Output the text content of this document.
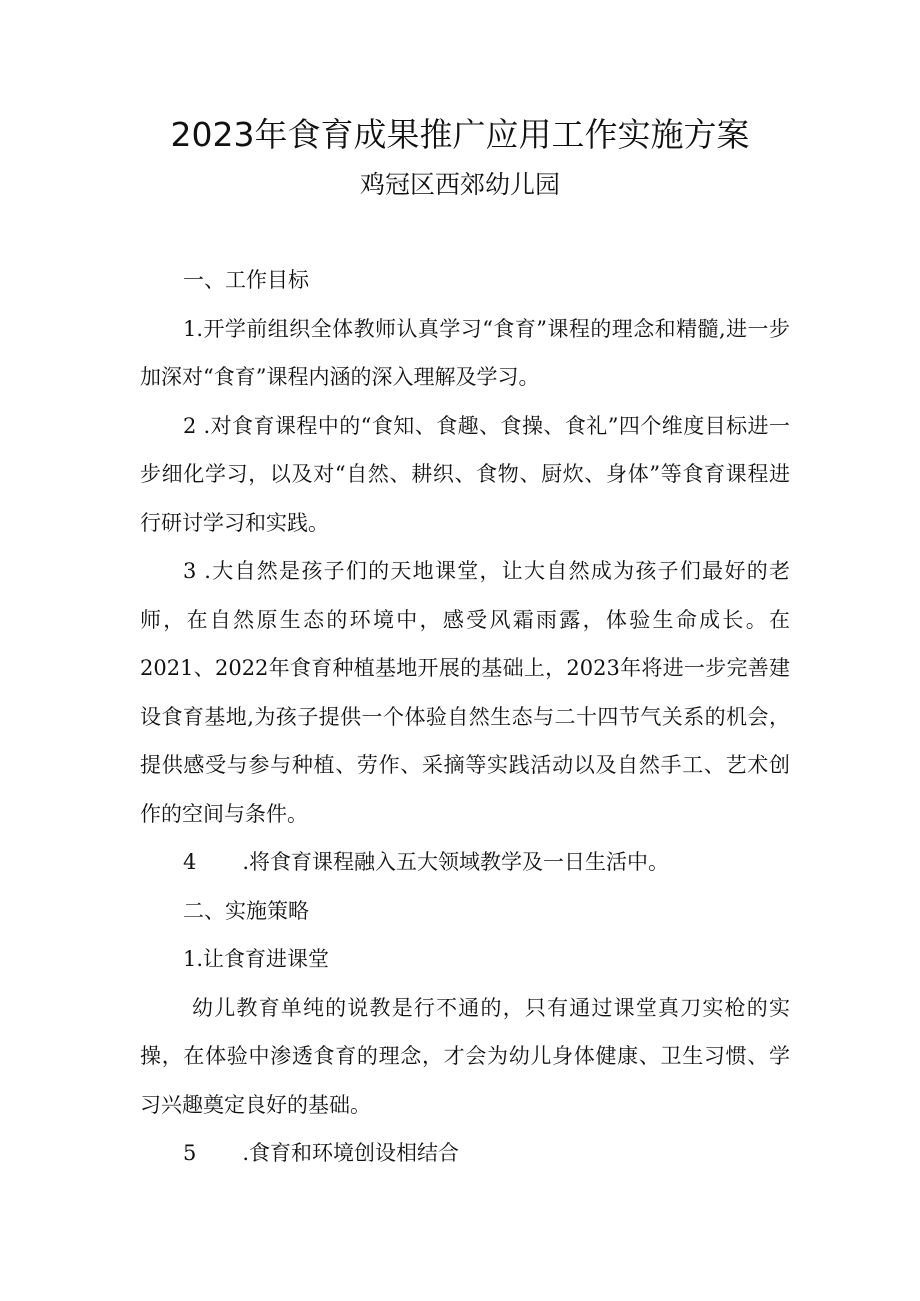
2023年食育成果推广应用工作实施方案
鸡冠区西郊幼儿园

一、工作目标

1.开学前组织全体教师认真学习“食育”课程的理念和精髓,进一步加深对“食育”课程内涵的深入理解及学习。

2 .对食育课程中的“食知、食趣、食操、食礼”四个维度目标进一步细化学习，以及对“自然、耕织、食物、厨炊、身体”等食育课程进行研讨学习和实践。

3 .大自然是孩子们的天地课堂，让大自然成为孩子们最好的老师，在自然原生态的环境中，感受风霜雨露，体验生命成长。在2021、2022年食育种植基地开展的基础上，2023年将进一步完善建设食育基地,为孩子提供一个体验自然生态与二十四节气关系的机会，提供感受与参与种植、劳作、采摘等实践活动以及自然手工、艺术创作的空间与条件。

4 .将食育课程融入五大领域教学及一日生活中。

二、实施策略

1.让食育进课堂

幼儿教育单纯的说教是行不通的，只有通过课堂真刀实枪的实操，在体验中渗透食育的理念，才会为幼儿身体健康、卫生习惯、学习兴趣奠定良好的基础。

5 .食育和环境创设相结合
